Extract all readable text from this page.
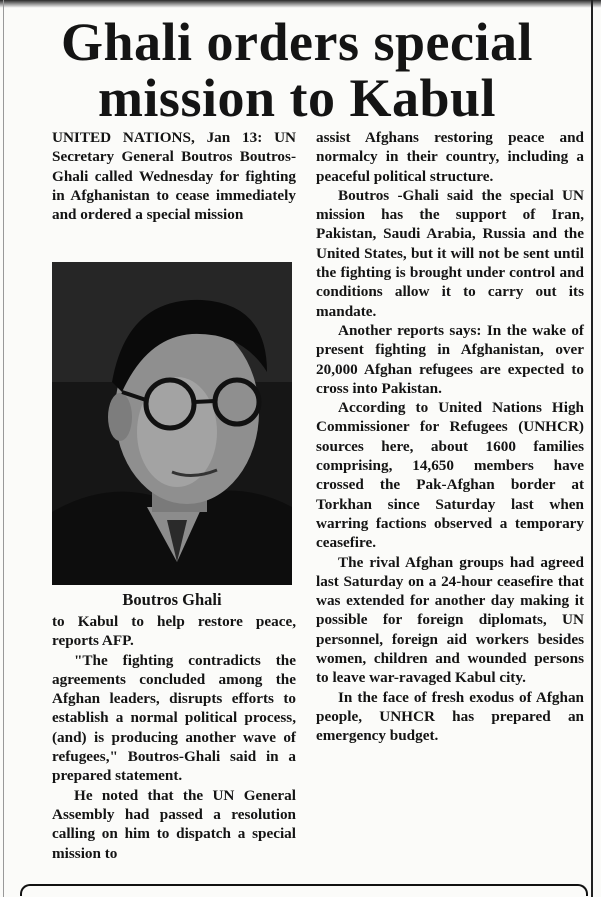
Ghali orders special mission to Kabul

UNITED NATIONS, Jan 13: UN Secretary General Boutros Boutros-Ghali called Wednesday for fighting in Afghanistan to cease immediately and ordered a special mission

Boutros Ghali

to Kabul to help restore peace, reports AFP.

"The fighting contradicts the agreements concluded among the Afghan leaders, disrupts efforts to establish a normal political process, (and) is producing another wave of refugees," Boutros-Ghali said in a prepared statement.

He noted that the UN General Assembly had passed a resolution calling on him to dispatch a special mission to

assist Afghans restoring peace and normalcy in their country, including a peaceful political structure.

Boutros -Ghali said the special UN mission has the support of Iran, Pakistan, Saudi Arabia, Russia and the United States, but it will not be sent until the fighting is brought under control and conditions allow it to carry out its mandate.

Another reports says: In the wake of present fighting in Afghanistan, over 20,000 Afghan refugees are expected to cross into Pakistan.

According to United Nations High Commissioner for Refugees (UNHCR) sources here, about 1600 families comprising, 14,650 members have crossed the Pak-Afghan border at Torkhan since Saturday last when warring factions observed a temporary ceasefire.

The rival Afghan groups had agreed last Saturday on a 24-hour ceasefire that was extended for another day making it possible for foreign diplomats, UN personnel, foreign aid workers besides women, children and wounded persons to leave war-ravaged Kabul city.

In the face of fresh exodus of Afghan people, UNHCR has prepared an emergency budget.
